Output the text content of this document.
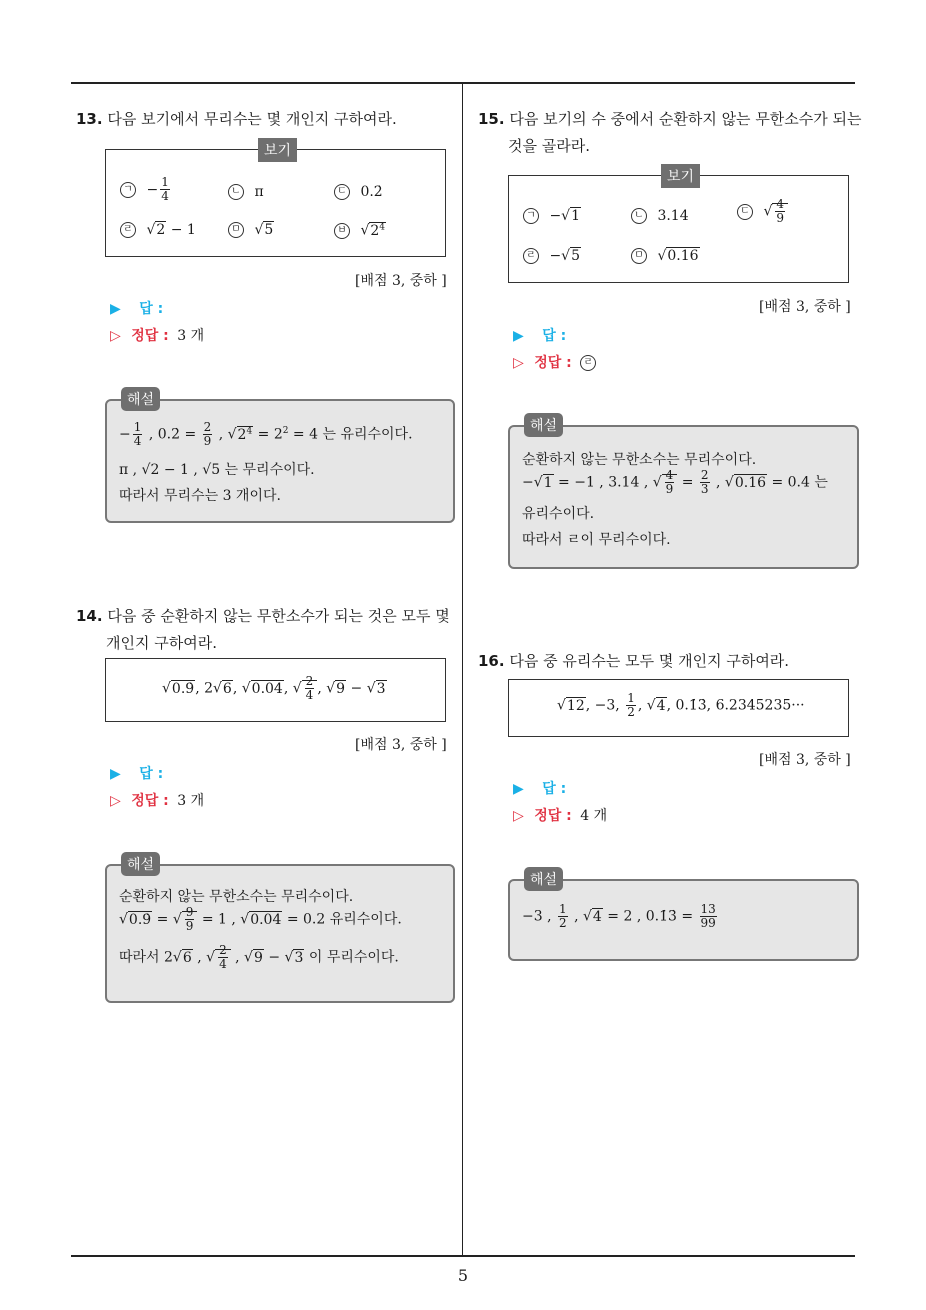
13. 다음 보기에서 무리수는 몇 개인지 구하여라.
보기
ㄱ − $\frac{1}{4}$	ㄴ π	ㄷ 0.2̇
ㄹ √2 − 1	ㅁ √5	ㅂ $√2^4$
[배점 3, 중하 ]
▶ 답 :
▷ 정답 : 3 개
해설
− $\frac{1}{4}$ , 0.2̇ = $\frac{2}{9}$ , $√2^4 = 2^2 = 4$ 는 유리수이다.
π , √2 − 1 , √5 는 무리수이다.
따라서 무리수는 3 개이다.
14. 다음 중 순환하지 않는 무한소수가 되는 것은 모두 몇
개인지 구하여라.
√0.9̇, 2√6, √0.04, √ $\frac{2}{4}$ , √9 − √3
[배점 3, 중하 ]
▶ 답 :
▷ 정답 : 3 개
해설
순환하지 않는 무한소수는 무리수이다.
√0.9̇ = √ $\frac{9}{9} = 1$ , √0.04 = 0.2 유리수이다.
따라서 2√6 , √ $\frac{2}{4}$ , √9 − √3 이 무리수이다.
15. 다음 보기의 수 중에서 순환하지 않는 무한소수가 되는
것을 골라라.
보기
ㄱ −√1	ㄴ 3.14	ㄷ √ $\frac{4}{9}$
ㄹ −√5	ㅁ √0.16
[배점 3, 중하 ]
▶ 답 :
▷ 정답 : ㄹ
해설
순환하지 않는 무한소수는 무리수이다.
−√1 = −1 , 3.14 , √ $\frac{4}{9} = \frac{2}{3}$ , √0.16 = 0.4 는
유리수이다.
따라서 ㄹ이 무리수이다.
16. 다음 중 유리수는 모두 몇 개인지 구하여라.
√12, −3, $\frac{1}{2}$ , √4, 0.1̇3̇, 6.2345235···
[배점 3, 중하 ]
▶ 답 :
▷ 정답 : 4 개
해설
−3 , $\frac{1}{2}$ , √4 = 2 , 0.1̇3̇ = $\frac{13}{99}$
5
